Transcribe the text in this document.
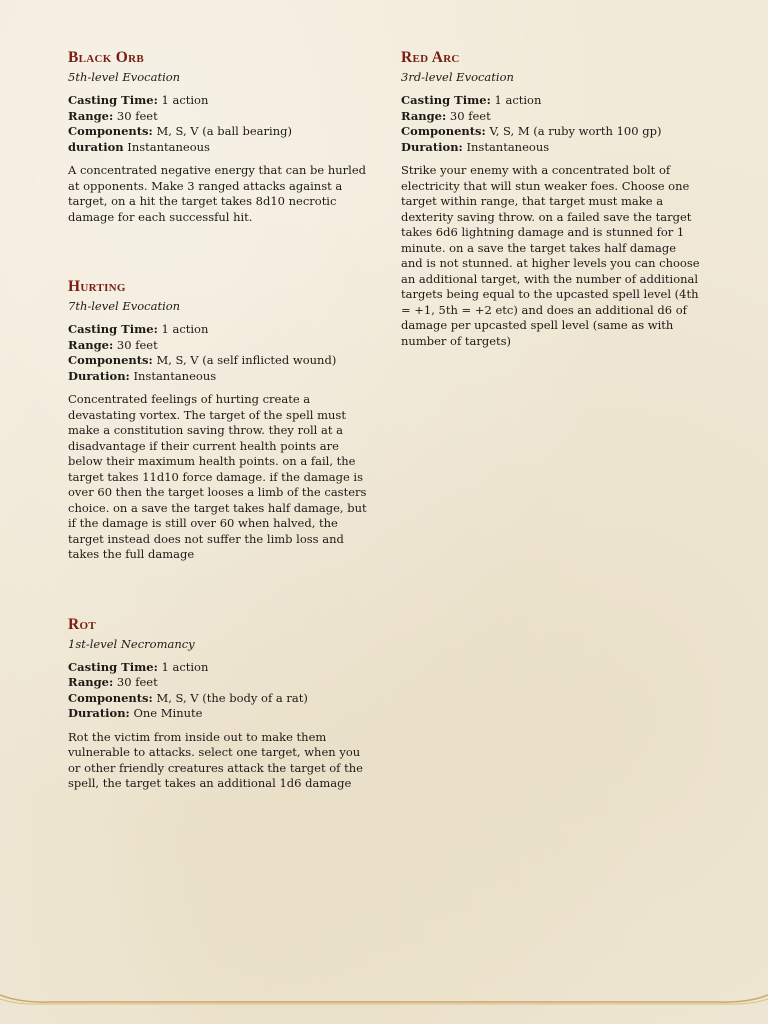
Black Orb

5th-level Evocation

Casting Time: 1 action

Range: 30 feet

Components: M, S, V (a ball bearing)

duration Instantaneous

A concentrated negative energy that can be hurled at opponents. Make 3 ranged attacks against a target, on a hit the target takes 8d10 necrotic damage for each successful hit.

Hurting

7th-level Evocation

Casting Time: 1 action

Range: 30 feet

Components: M, S, V (a self inflicted wound)

Duration: Instantaneous

Concentrated feelings of hurting create a devastating vortex. The target of the spell must make a constitution saving throw. they roll at a disadvantage if their current health points are below their maximum health points. on a fail, the target takes 11d10 force damage. if the damage is over 60 then the target looses a limb of the casters choice. on a save the target takes half damage, but if the damage is still over 60 when halved, the target instead does not suffer the limb loss and takes the full damage

Rot

1st-level Necromancy

Casting Time: 1 action

Range: 30 feet

Components: M, S, V (the body of a rat)

Duration: One Minute

Rot the victim from inside out to make them vulnerable to attacks. select one target, when you or other friendly creatures attack the target of the spell, the target takes an additional 1d6 damage

Red Arc

3rd-level Evocation

Casting Time: 1 action

Range: 30 feet

Components: V, S, M (a ruby worth 100 gp)

Duration: Instantaneous

Strike your enemy with a concentrated bolt of electricity that will stun weaker foes. Choose one target within range, that target must make a dexterity saving throw. on a failed save the target takes 6d6 lightning damage and is stunned for 1 minute. on a save the target takes half damage and is not stunned. at higher levels you can choose an additional target, with the number of additional targets being equal to the upcasted spell level (4th = +1, 5th = +2 etc) and does an additional d6 of damage per upcasted spell level (same as with number of targets)
